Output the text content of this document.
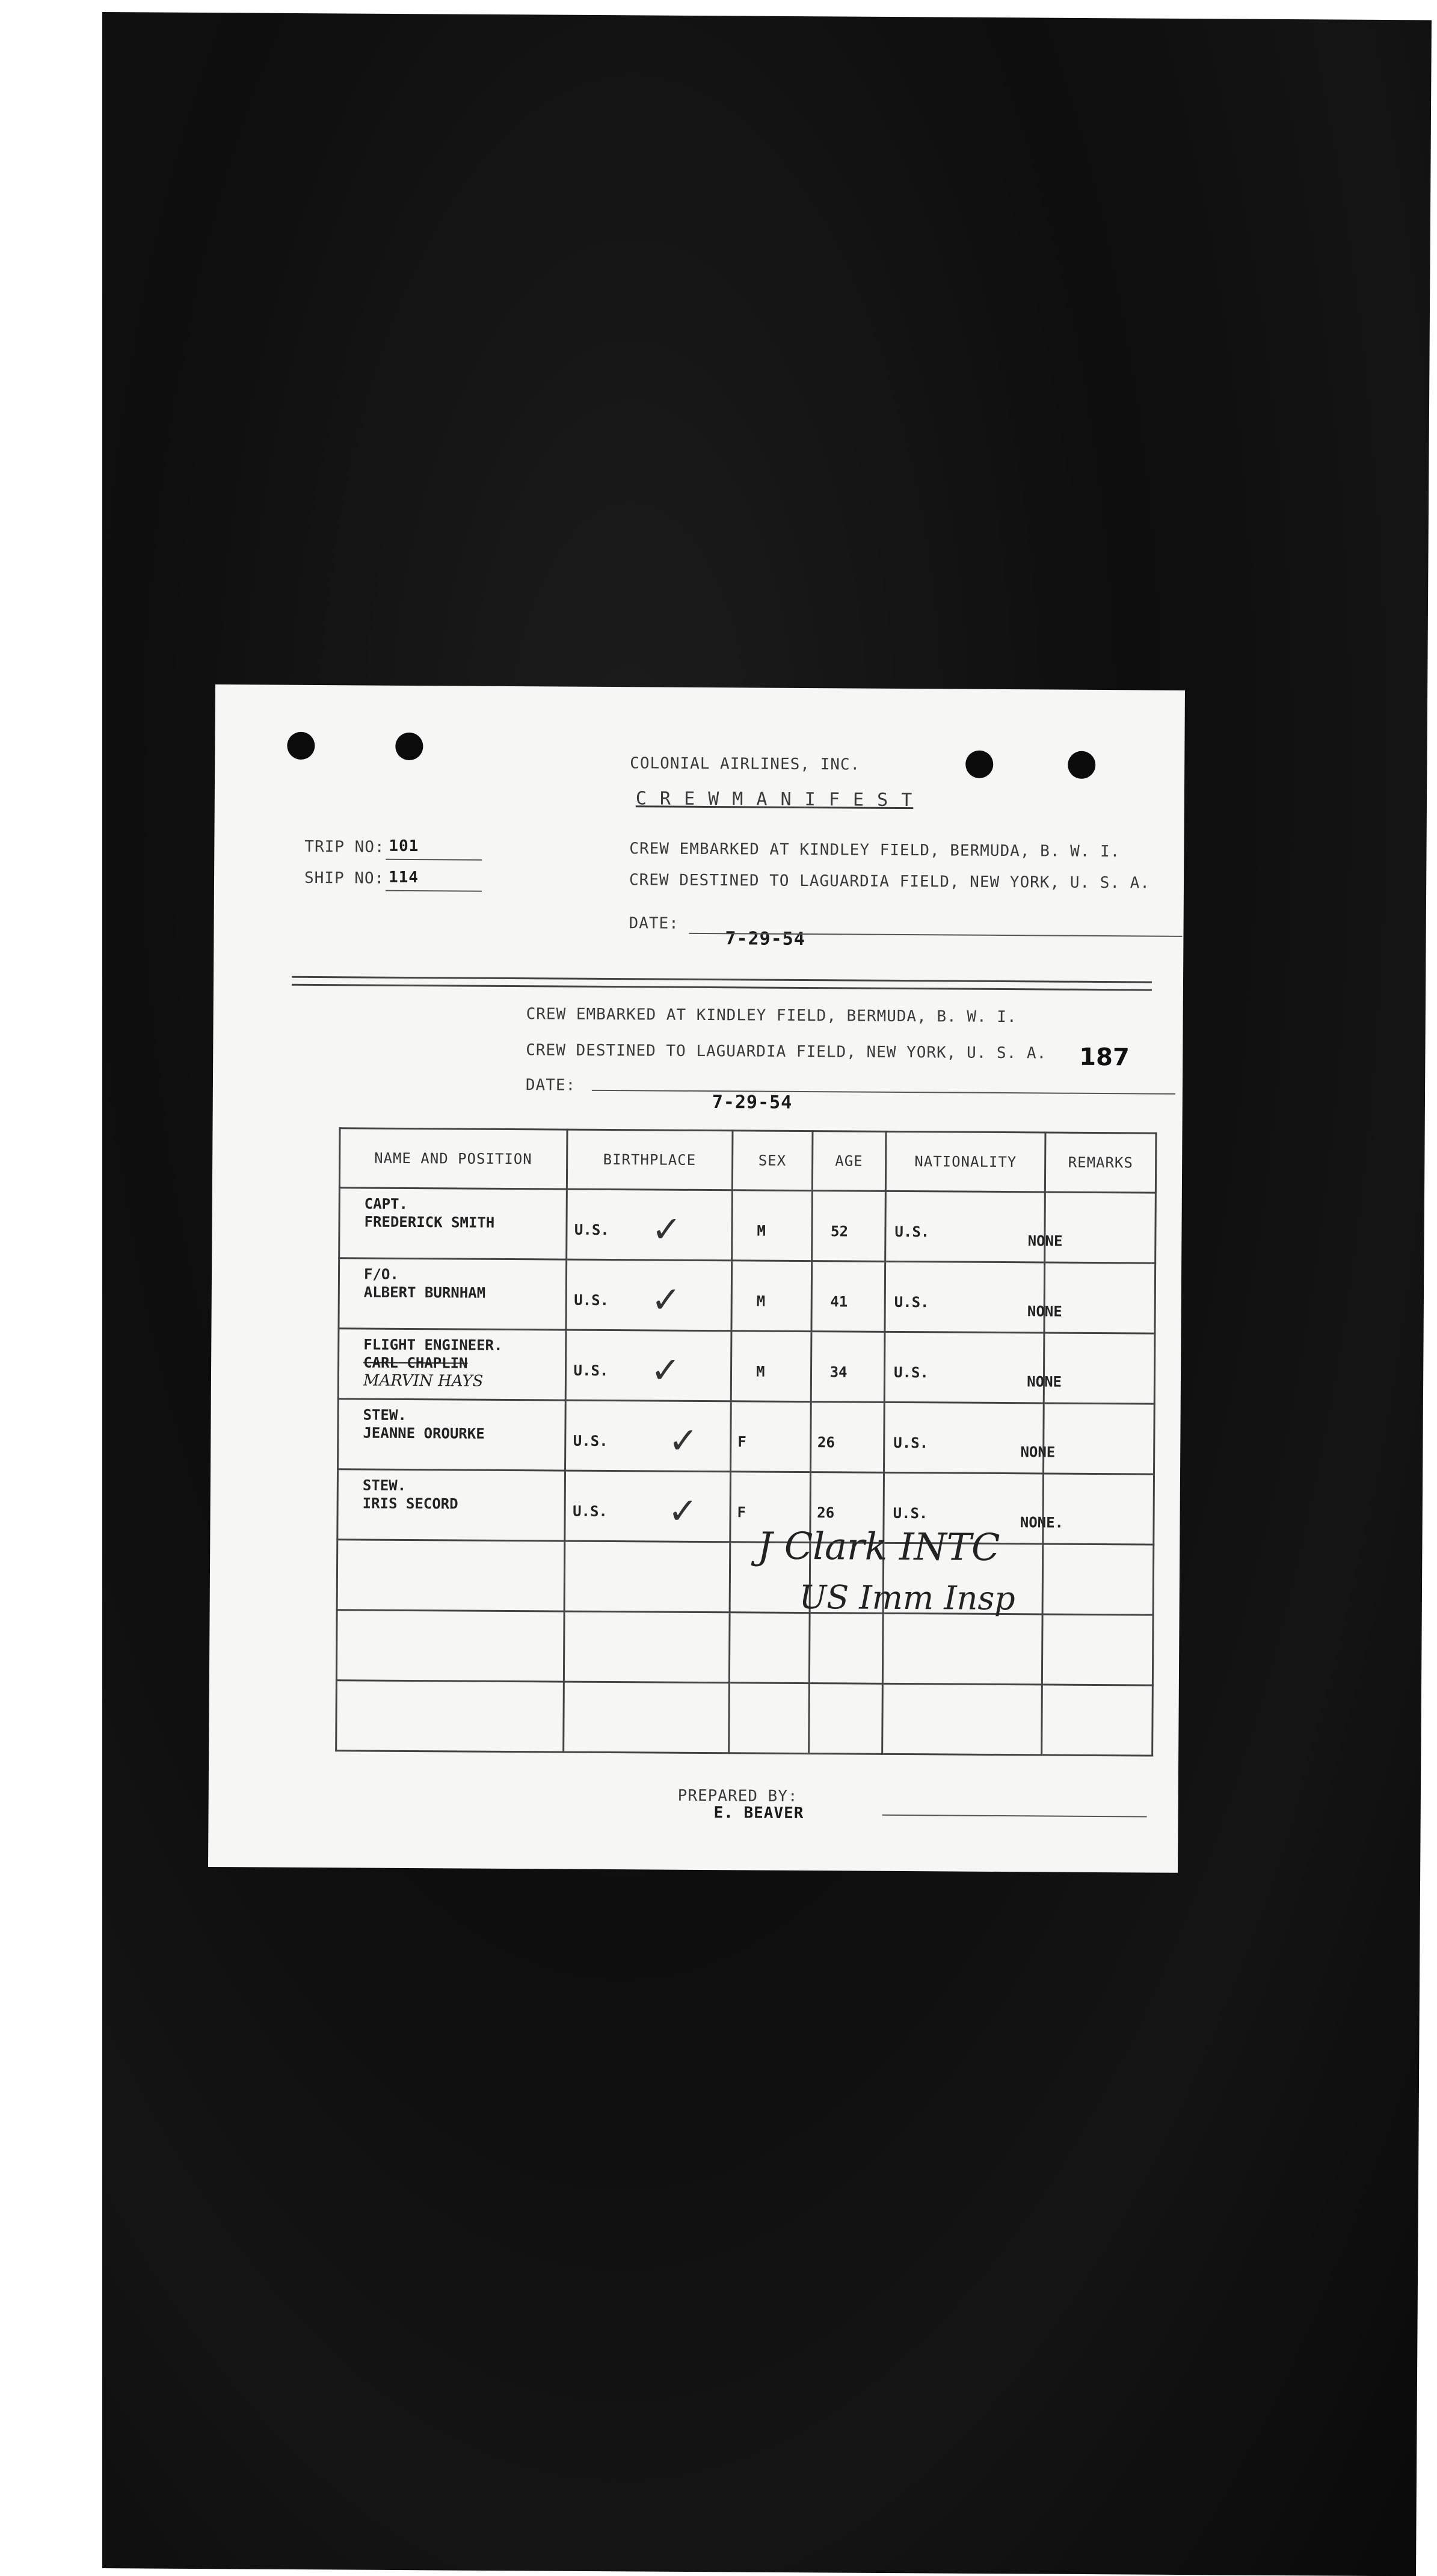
COLONIAL AIRLINES, INC.
C R E W M A N I F E S T
TRIP NO: 101
SHIP NO: 114
CREW EMBARKED AT KINDLEY FIELD, BERMUDA, B. W. I.
CREW DESTINED TO LAGUARDIA FIELD, NEW YORK, U. S. A.
DATE:
7-29-54
CREW EMBARKED AT KINDLEY FIELD, BERMUDA, B. W. I.
CREW DESTINED TO LAGUARDIA FIELD, NEW YORK, U. S. A. 187
DATE:
7-29-54
NAME AND POSITION	BIRTHPLACE	SEX	AGE	NATIONALITY	REMARKS

CAPT.
FREDERICK SMITH	U.S. ✓	M	52	U.S.	NONE

F/O.
ALBERT BURNHAM	U.S. ✓	M	41	U.S.	NONE

FLIGHT ENGINEER.
CARL CHAPLIN
MARVIN HAYS	U.S. ✓	M	34	U.S.	NONE

STEW.
JEANNE OROURKE	U.S. ✓	F	26	U.S.	NONE

STEW.
IRIS SECORD	U.S. ✓	F	26	U.S.	NONE.

J Clark INTC
US Imm Insp
PREPARED BY:
E. BEAVER
